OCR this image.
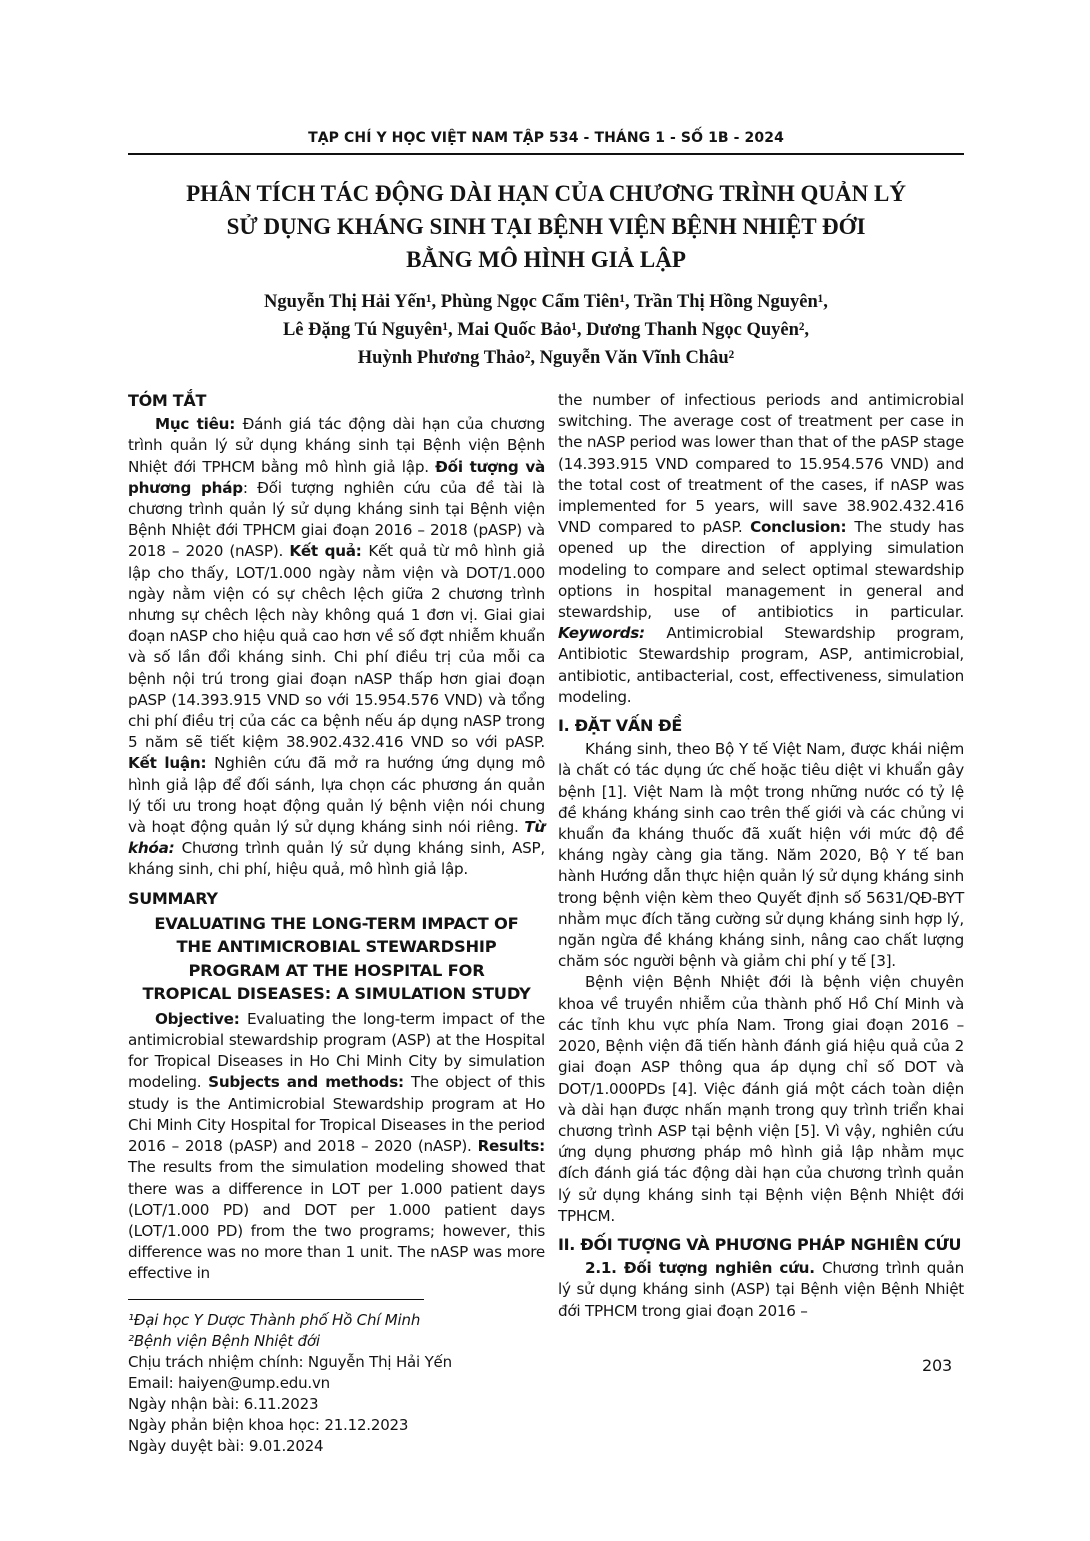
TẠP CHÍ Y HỌC VIỆT NAM TẬP 534 - THÁNG 1 - SỐ 1B - 2024
PHÂN TÍCH TÁC ĐỘNG DÀI HẠN CỦA CHƯƠNG TRÌNH QUẢN LÝ
SỬ DỤNG KHÁNG SINH TẠI BỆNH VIỆN BỆNH NHIỆT ĐỚI
BẰNG MÔ HÌNH GIẢ LẬP
Nguyễn Thị Hải Yến¹, Phùng Ngọc Cẩm Tiên¹, Trần Thị Hồng Nguyên¹,
Lê Đặng Tú Nguyên¹, Mai Quốc Bảo¹, Dương Thanh Ngọc Quyên²,
Huỳnh Phương Thảo², Nguyễn Văn Vĩnh Châu²
TÓM TẮT

Mục tiêu: Đánh giá tác động dài hạn của chương trình quản lý sử dụng kháng sinh tại Bệnh viện Bệnh Nhiệt đới TPHCM bằng mô hình giả lập. Đối tượng và phương pháp: Đối tượng nghiên cứu của đề tài là chương trình quản lý sử dụng kháng sinh tại Bệnh viện Bệnh Nhiệt đới TPHCM giai đoạn 2016 – 2018 (pASP) và 2018 – 2020 (nASP). Kết quả: Kết quả từ mô hình giả lập cho thấy, LOT/1.000 ngày nằm viện và DOT/1.000 ngày nằm viện có sự chêch lệch giữa 2 chương trình nhưng sự chêch lệch này không quá 1 đơn vị. Giai giai đoạn nASP cho hiệu quả cao hơn về số đợt nhiễm khuẩn và số lần đổi kháng sinh. Chi phí điều trị của mỗi ca bệnh nội trú trong giai đoạn nASP thấp hơn giai đoạn pASP (14.393.915 VND so với 15.954.576 VND) và tổng chi phí điều trị của các ca bệnh nếu áp dụng nASP trong 5 năm sẽ tiết kiệm 38.902.432.416 VND so với pASP. Kết luận: Nghiên cứu đã mở ra hướng ứng dụng mô hình giả lập để đối sánh, lựa chọn các phương án quản lý tối ưu trong hoạt động quản lý bệnh viện nói chung và hoạt động quản lý sử dụng kháng sinh nói riêng. Từ khóa: Chương trình quản lý sử dụng kháng sinh, ASP, kháng sinh, chi phí, hiệu quả, mô hình giả lập.

SUMMARY
EVALUATING THE LONG-TERM IMPACT OF
THE ANTIMICROBIAL STEWARDSHIP
PROGRAM AT THE HOSPITAL FOR
TROPICAL DISEASES: A SIMULATION STUDY

Objective: Evaluating the long-term impact of the antimicrobial stewardship program (ASP) at the Hospital for Tropical Diseases in Ho Chi Minh City by simulation modeling. Subjects and methods: The object of this study is the Antimicrobial Stewardship program at Ho Chi Minh City Hospital for Tropical Diseases in the period 2016 – 2018 (pASP) and 2018 – 2020 (nASP). Results: The results from the simulation modeling showed that there was a difference in LOT per 1.000 patient days (LOT/1.000 PD) and DOT per 1.000 patient days (LOT/1.000 PD) from the two programs; however, this difference was no more than 1 unit. The nASP was more effective in

¹Đại học Y Dược Thành phố Hồ Chí Minh
²Bệnh viện Bệnh Nhiệt đới
Chịu trách nhiệm chính: Nguyễn Thị Hải Yến
Email: haiyen@ump.edu.vn
Ngày nhận bài: 6.11.2023
Ngày phản biện khoa học: 21.12.2023
Ngày duyệt bài: 9.01.2024

the number of infectious periods and antimicrobial switching. The average cost of treatment per case in the nASP period was lower than that of the pASP stage (14.393.915 VND compared to 15.954.576 VND) and the total cost of treatment of the cases, if nASP was implemented for 5 years, will save 38.902.432.416 VND compared to pASP. Conclusion: The study has opened up the direction of applying simulation modeling to compare and select optimal stewardship options in hospital management in general and stewardship, use of antibiotics in particular. Keywords: Antimicrobial Stewardship program, Antibiotic Stewardship program, ASP, antimicrobial, antibiotic, antibacterial, cost, effectiveness, simulation modeling.

I. ĐẶT VẤN ĐỀ

Kháng sinh, theo Bộ Y tế Việt Nam, được khái niệm là chất có tác dụng ức chế hoặc tiêu diệt vi khuẩn gây bệnh [1]. Việt Nam là một trong những nước có tỷ lệ đề kháng kháng sinh cao trên thế giới và các chủng vi khuẩn đa kháng thuốc đã xuất hiện với mức độ đề kháng ngày càng gia tăng. Năm 2020, Bộ Y tế ban hành Hướng dẫn thực hiện quản lý sử dụng kháng sinh trong bệnh viện kèm theo Quyết định số 5631/QĐ-BYT nhằm mục đích tăng cường sử dụng kháng sinh hợp lý, ngăn ngừa đề kháng kháng sinh, nâng cao chất lượng chăm sóc người bệnh và giảm chi phí y tế [3].

Bệnh viện Bệnh Nhiệt đới là bệnh viện chuyên khoa về truyền nhiễm của thành phố Hồ Chí Minh và các tỉnh khu vực phía Nam. Trong giai đoạn 2016 – 2020, Bệnh viện đã tiến hành đánh giá hiệu quả của 2 giai đoạn ASP thông qua áp dụng chỉ số DOT và DOT/1.000PDs [4]. Việc đánh giá một cách toàn diện và dài hạn được nhấn mạnh trong quy trình triển khai chương trình ASP tại bệnh viện [5]. Vì vậy, nghiên cứu ứng dụng phương pháp mô hình giả lập nhằm mục đích đánh giá tác động dài hạn của chương trình quản lý sử dụng kháng sinh tại Bệnh viện Bệnh Nhiệt đới TPHCM.

II. ĐỐI TƯỢNG VÀ PHƯƠNG PHÁP NGHIÊN CỨU

2.1. Đối tượng nghiên cứu. Chương trình quản lý sử dụng kháng sinh (ASP) tại Bệnh viện Bệnh Nhiệt đới TPHCM trong giai đoạn 2016 –

203
